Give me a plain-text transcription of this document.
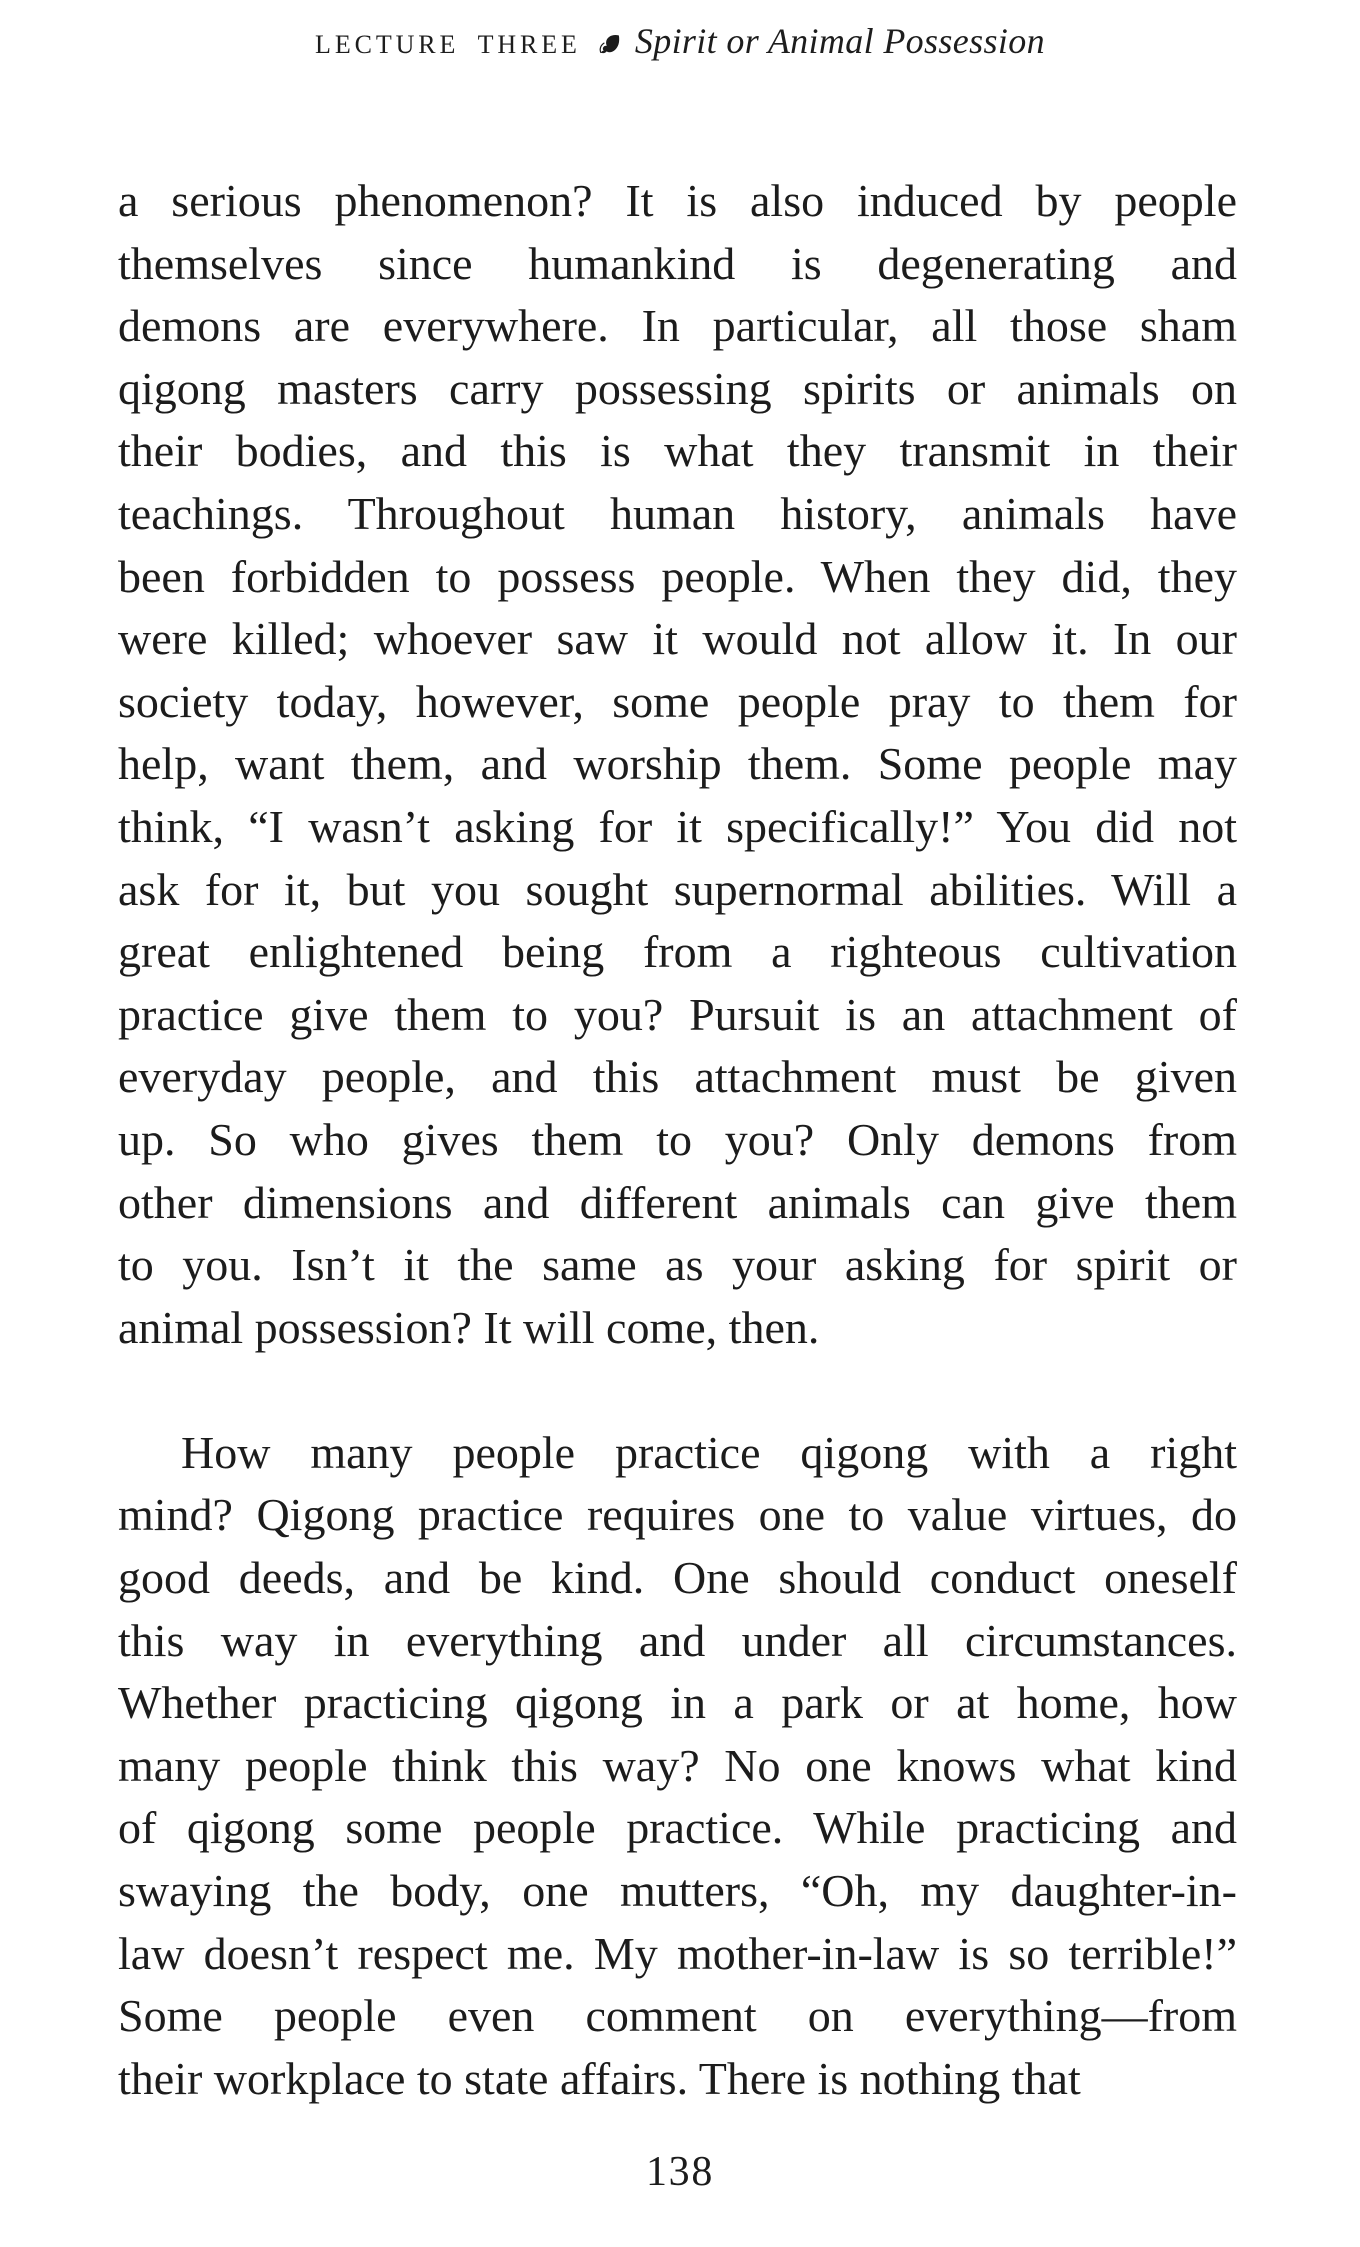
LECTURE THREE Spirit or Animal Possession
a serious phenomenon? It is also induced by people
themselves since humankind is degenerating and
demons are everywhere. In particular, all those sham
qigong masters carry possessing spirits or animals on
their bodies, and this is what they transmit in their
teachings. Throughout human history, animals have
been forbidden to possess people. When they did, they
were killed; whoever saw it would not allow it. In our
society today, however, some people pray to them for
help, want them, and worship them. Some people may
think, “I wasn’t asking for it specifically!” You did not
ask for it, but you sought supernormal abilities. Will a
great enlightened being from a righteous cultivation
practice give them to you? Pursuit is an attachment of
everyday people, and this attachment must be given
up. So who gives them to you? Only demons from
other dimensions and different animals can give them
to you. Isn’t it the same as your asking for spirit or
animal possession? It will come, then.
How many people practice qigong with a right
mind? Qigong practice requires one to value virtues, do
good deeds, and be kind. One should conduct oneself
this way in everything and under all circumstances.
Whether practicing qigong in a park or at home, how
many people think this way? No one knows what kind
of qigong some people practice. While practicing and
swaying the body, one mutters, “Oh, my daughter-in-
law doesn’t respect me. My mother-in-law is so terrible!”
Some people even comment on everything—from
their workplace to state affairs. There is nothing that
138
